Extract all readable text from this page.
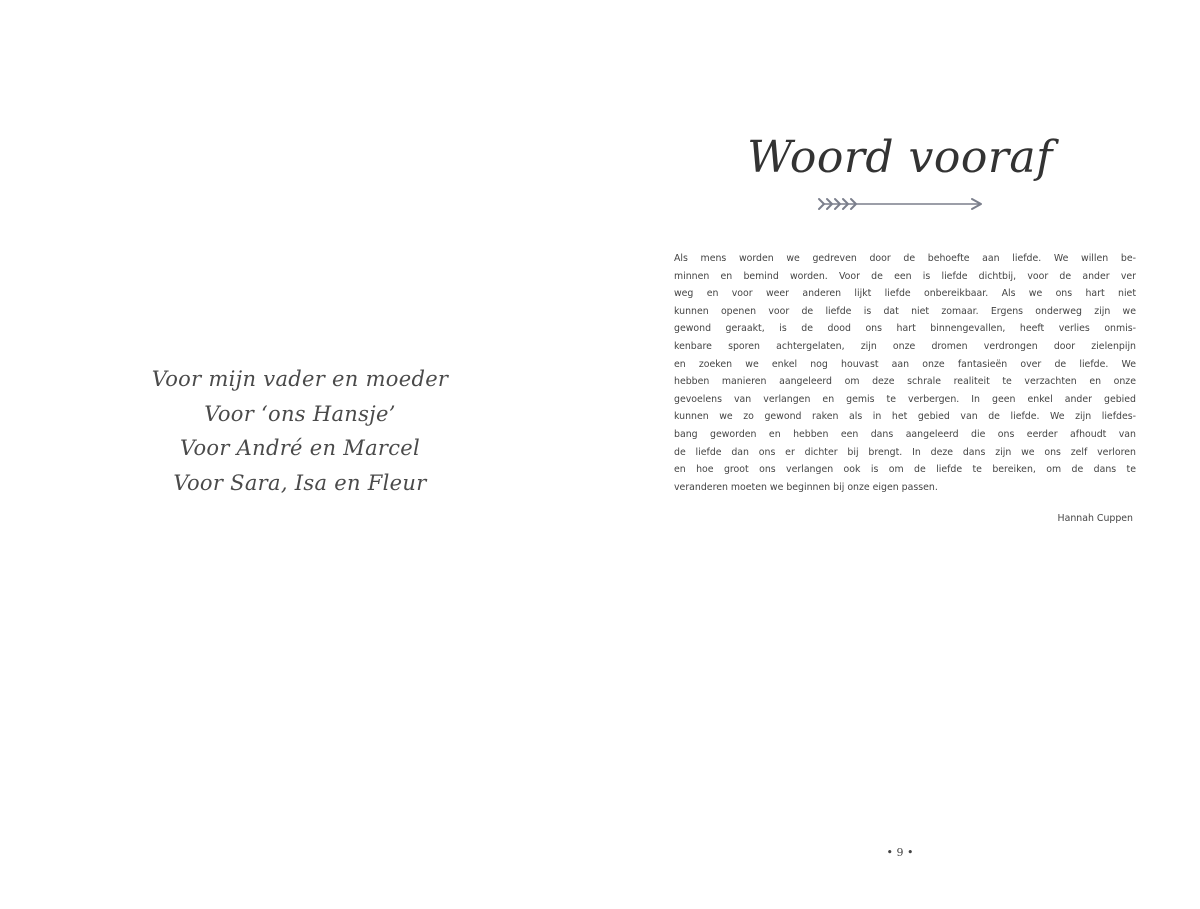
Voor mijn vader en moeder
Voor ‘ons Hansje’
Voor André en Marcel
Voor Sara, Isa en Fleur
Woord vooraf
Als mens worden we gedreven door de behoefte aan liefde. We willen be-
minnen en bemind worden. Voor de een is liefde dichtbij, voor de ander ver
weg en voor weer anderen lijkt liefde onbereikbaar. Als we ons hart niet
kunnen openen voor de liefde is dat niet zomaar. Ergens onderweg zijn we
gewond geraakt, is de dood ons hart binnengevallen, heeft verlies onmis-
kenbare sporen achtergelaten, zijn onze dromen verdrongen door zielenpijn
en zoeken we enkel nog houvast aan onze fantasieën over de liefde. We
hebben manieren aangeleerd om deze schrale realiteit te verzachten en onze
gevoelens van verlangen en gemis te verbergen. In geen enkel ander gebied
kunnen we zo gewond raken als in het gebied van de liefde. We zijn liefdes-
bang geworden en hebben een dans aangeleerd die ons eerder afhoudt van
de liefde dan ons er dichter bij brengt. In deze dans zijn we ons zelf verloren
en hoe groot ons verlangen ook is om de liefde te bereiken, om de dans te
veranderen moeten we beginnen bij onze eigen passen.
Hannah Cuppen
• 9 •
